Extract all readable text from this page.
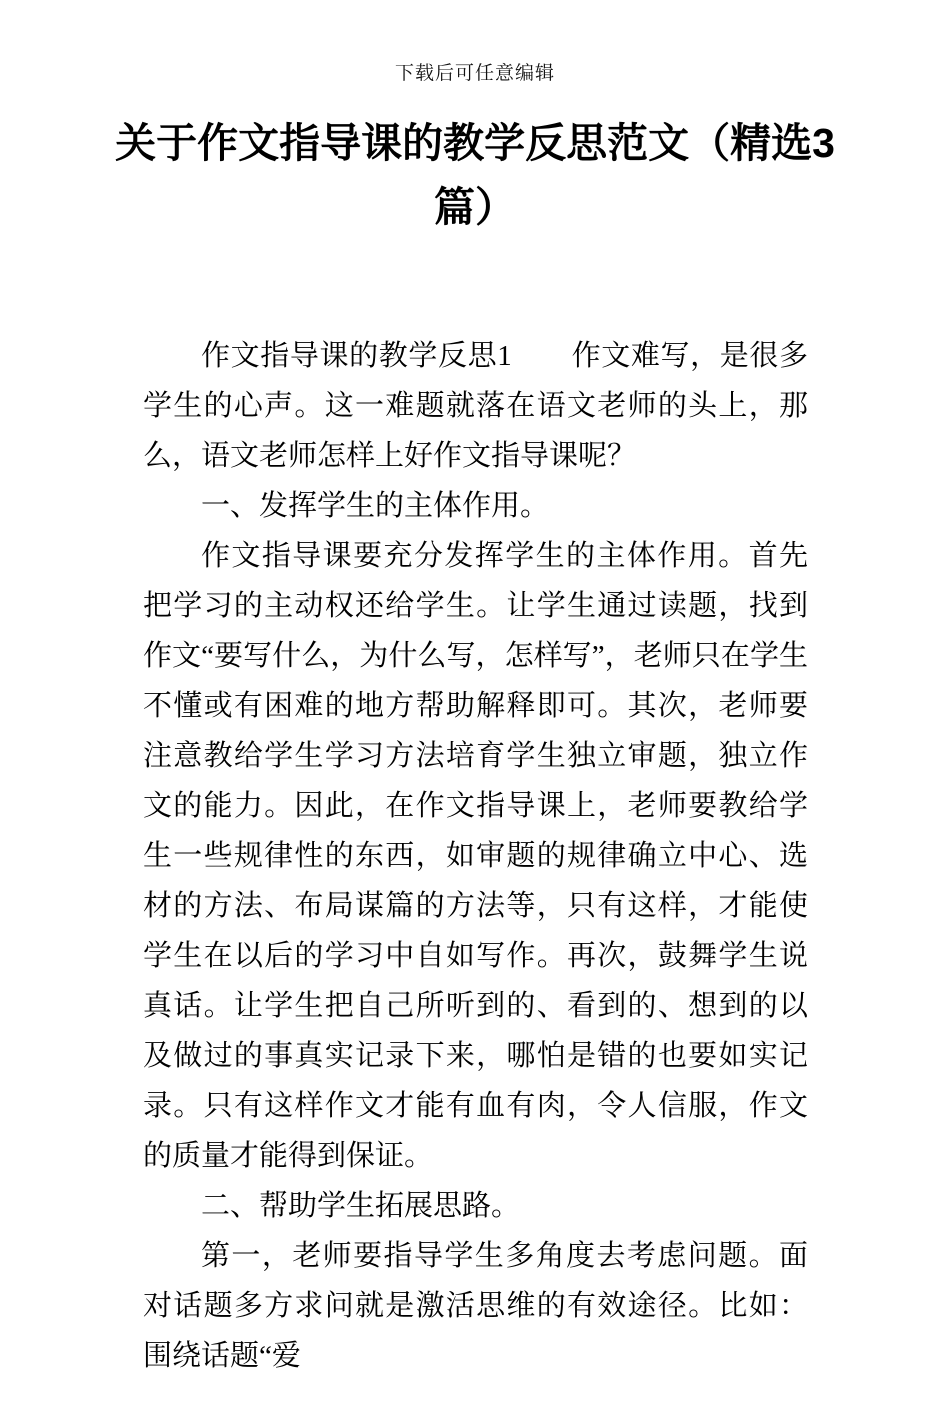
下载后可任意编辑
关于作文指导课的教学反思范文（精选3篇）

作文指导课的教学反思1　　作文难写，是很多学生的心声。这一难题就落在语文老师的头上，那么，语文老师怎样上好作文指导课呢？

一、发挥学生的主体作用。

作文指导课要充分发挥学生的主体作用。首先把学习的主动权还给学生。让学生通过读题，找到作文“要写什么，为什么写，怎样写”，老师只在学生不懂或有困难的地方帮助解释即可。其次，老师要注意教给学生学习方法培育学生独立审题，独立作文的能力。因此，在作文指导课上，老师要教给学生一些规律性的东西，如审题的规律确立中心、选材的方法、布局谋篇的方法等，只有这样，才能使学生在以后的学习中自如写作。再次，鼓舞学生说真话。让学生把自己所听到的、看到的、想到的以及做过的事真实记录下来，哪怕是错的也要如实记录。只有这样作文才能有血有肉，令人信服，作文的质量才能得到保证。

二、帮助学生拓展思路。

第一，老师要指导学生多角度去考虑问题。面对话题多方求问就是激活思维的有效途径。比如：围绕话题“爱
